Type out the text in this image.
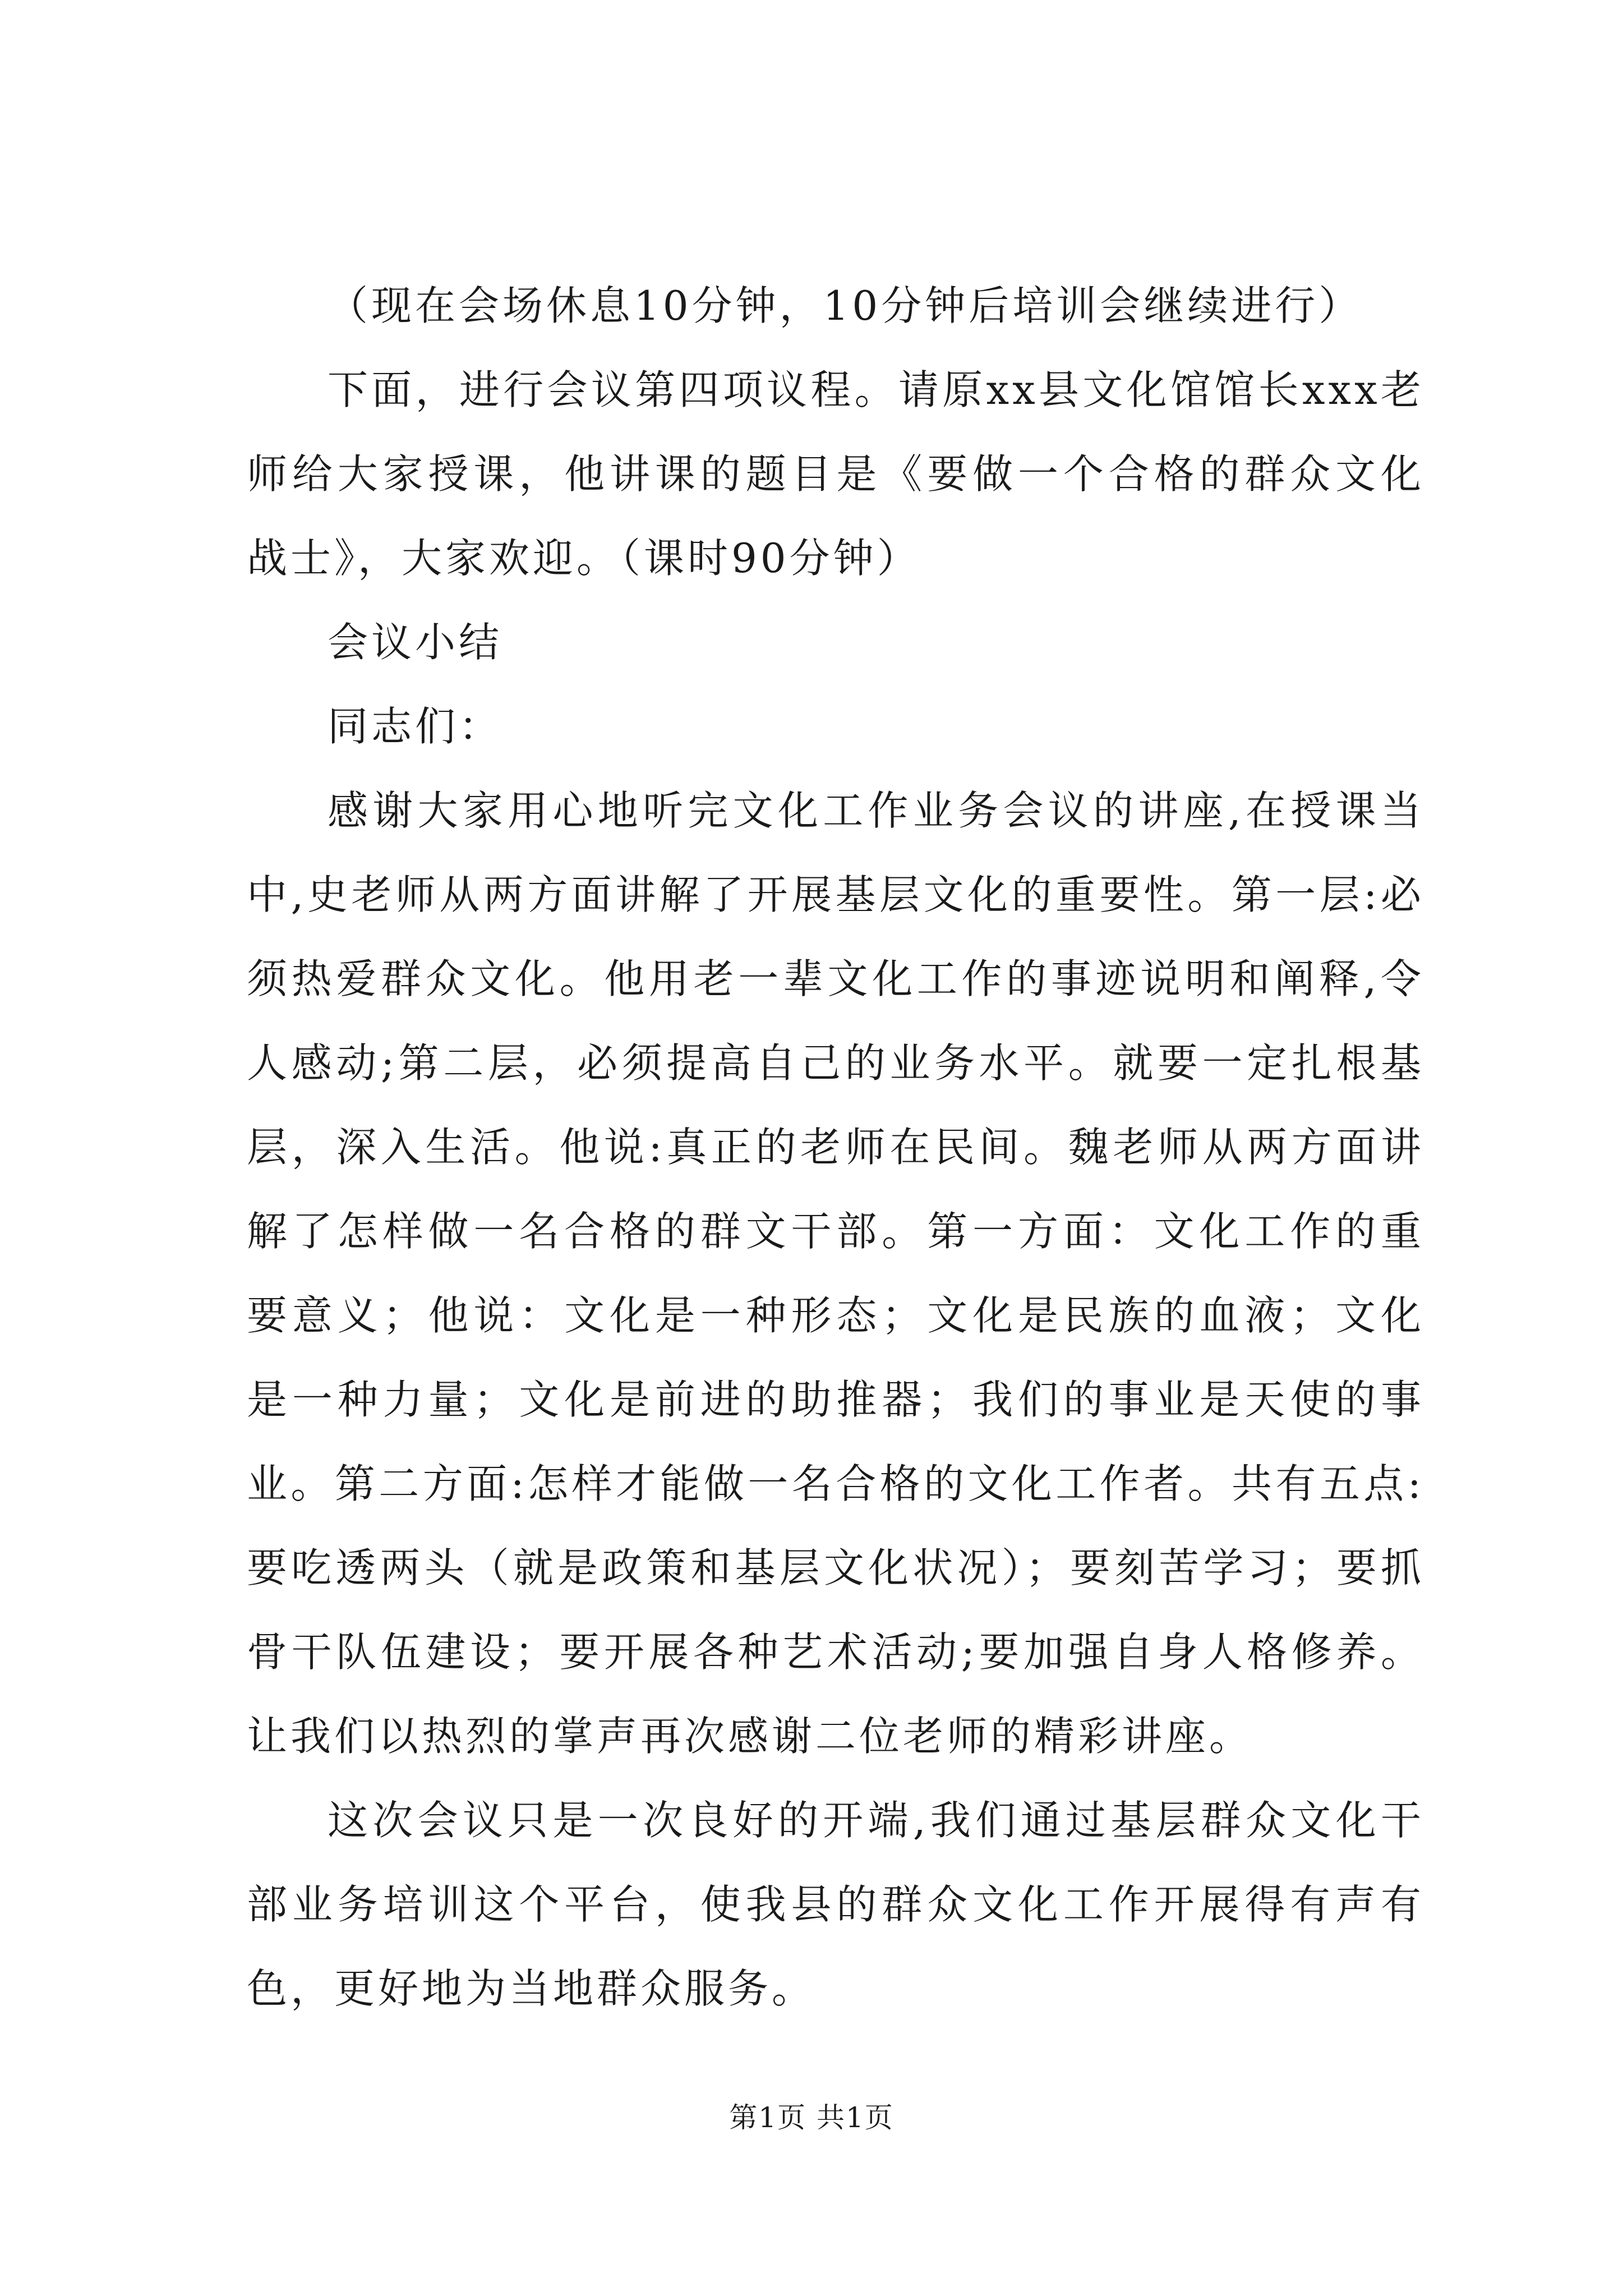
（现在会场休息10分钟，10分钟后培训会继续进行）

下面，进行会议第四项议程。请原xx县文化馆馆长xxx老师给大家授课，他讲课的题目是《要做一个合格的群众文化战士》，大家欢迎。（课时90分钟）

会议小结

同志们：

感谢大家用心地听完文化工作业务会议的讲座,在授课当中,史老师从两方面讲解了开展基层文化的重要性。第一层:必须热爱群众文化。他用老一辈文化工作的事迹说明和阐释,令人感动;第二层，必须提高自己的业务水平。就要一定扎根基层，深入生活。他说:真正的老师在民间。魏老师从两方面讲解了怎样做一名合格的群文干部。第一方面：文化工作的重要意义；他说：文化是一种形态；文化是民族的血液；文化是一种力量；文化是前进的助推器；我们的事业是天使的事业。第二方面:怎样才能做一名合格的文化工作者。共有五点:要吃透两头（就是政策和基层文化状况）；要刻苦学习；要抓骨干队伍建设；要开展各种艺术活动;要加强自身人格修养。让我们以热烈的掌声再次感谢二位老师的精彩讲座。

这次会议只是一次良好的开端,我们通过基层群众文化干部业务培训这个平台，使我县的群众文化工作开展得有声有色，更好地为当地群众服务。

第1页 共1页
